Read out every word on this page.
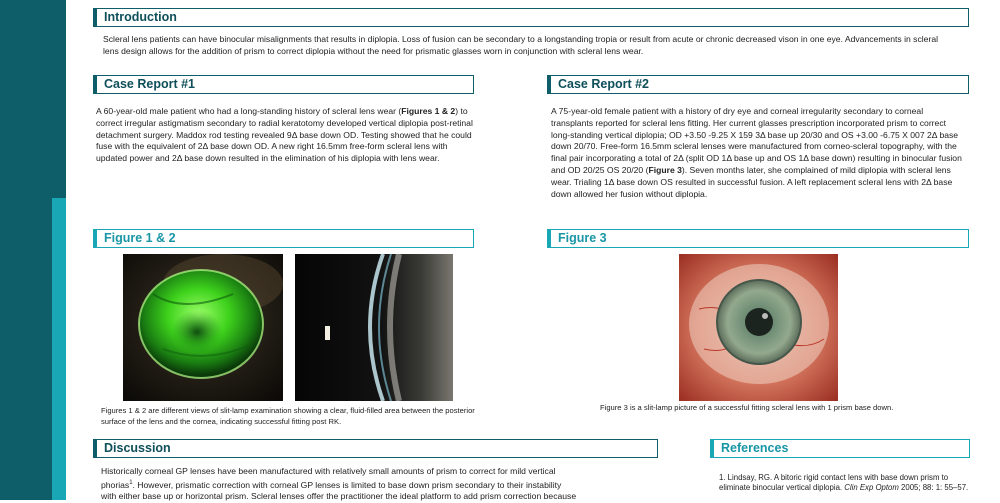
Introduction
Scleral lens patients can have binocular misalignments that results in diplopia. Loss of fusion can be secondary to a longstanding tropia or result from acute or chronic decreased vison in one eye. Advancements in scleral lens design allows for the addition of prism to correct diplopia without the need for prismatic glasses worn in conjunction with scleral lens wear.
Case Report #1
A 60-year-old male patient who had a long-standing history of scleral lens wear (Figures 1 & 2) to correct irregular astigmatism secondary to radial keratotomy developed vertical diplopia post-retinal detachment surgery. Maddox rod testing revealed 9Δ base down OD. Testing showed that he could fuse with the equivalent of 2Δ base down OD. A new right 16.5mm free-form scleral lens with updated power and 2Δ base down resulted in the elimination of his diplopia with lens wear.
Case Report #2
A 75-year-old female patient with a history of dry eye and corneal irregularity secondary to corneal transplants reported for scleral lens fitting. Her current glasses prescription incorporated prism to correct long-standing vertical diplopia; OD +3.50 -9.25 X 159 3Δ base up 20/30 and OS +3.00 -6.75 X 007 2Δ base down 20/70. Free-form 16.5mm scleral lenses were manufactured from corneo-scleral topography, with the final pair incorporating a total of 2Δ (split OD 1Δ base up and OS 1Δ base down) resulting in binocular fusion and OD 20/25 OS 20/20 (Figure 3). Seven months later, she complained of mild diplopia with scleral lens wear. Trialing 1Δ base down OS resulted in successful fusion. A left replacement scleral lens with 2Δ base down allowed her fusion without diplopia.
Figure 1 & 2
Figures 1 & 2 are different views of slit-lamp examination showing a clear, fluid-filled area between the posterior surface of the lens and the cornea, indicating successful fitting post RK.
Figure 3
Figure 3 is a slit-lamp picture of a successful fitting scleral lens with 1 prism base down.
Discussion
Historically corneal GP lenses have been manufactured with relatively small amounts of prism to correct for mild vertical
phorias$^1$. However, prismatic correction with corneal GP lenses is limited to base down prism secondary to their instability
with either base up or horizontal prism. Scleral lenses offer the practitioner the ideal platform to add prism correction because
References
1. Lindsay, RG. A bitoric rigid contact lens with base down prism to eliminate binocular vertical diplopia. Clin Exp Optom 2005; 88: 1: 55–57.
